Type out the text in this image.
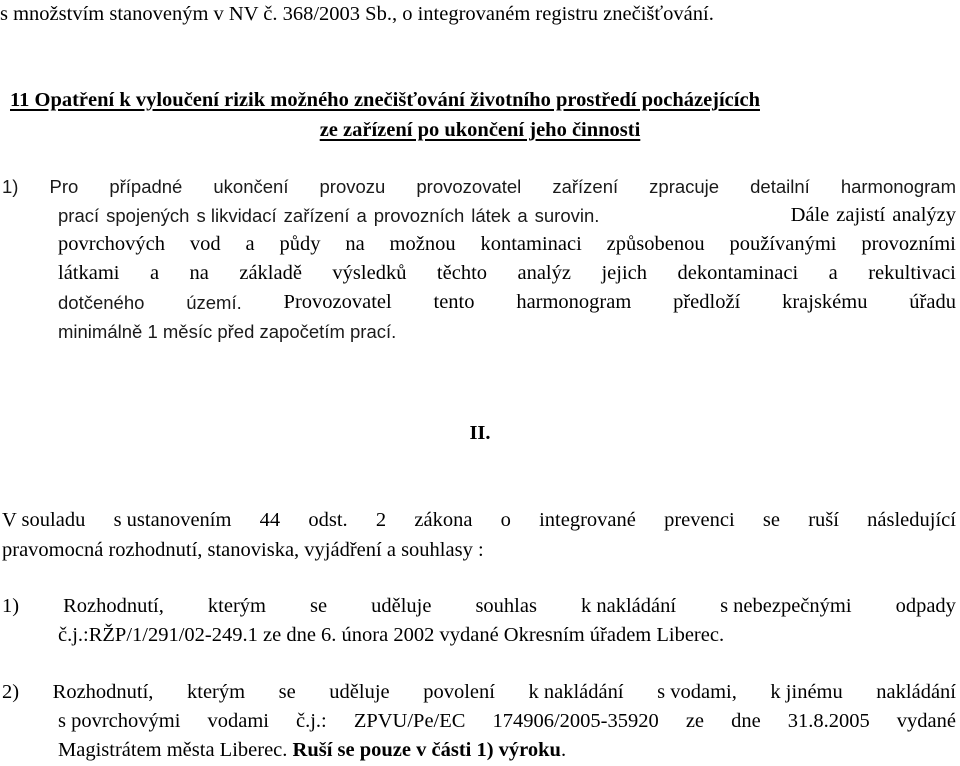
s množstvím stanoveným v NV č. 368/2003 Sb., o integrovaném registru znečišťování.
11 Opatření k vyloučení rizik možného znečišťování životního prostředí pocházejících
ze zařízení po ukončení jeho činnosti
1) Pro případné ukončení provozu provozovatel zařízení zpracuje detailní harmonogram
prací spojených s likvidací zařízení a provozních látek a surovin.	Dále zajistí analýzy
povrchových vod a půdy na možnou kontaminaci způsobenou používanými provozními
látkami a na základě výsledků těchto analýz jejich dekontaminaci a rekultivaci
dotčeného území. Provozovatel tento harmonogram předloží krajskému úřadu
minimálně 1 měsíc před započetím prací.
II.
V souladu s ustanovením 44 odst. 2 zákona o integrované prevenci se ruší následující
pravomocná rozhodnutí, stanoviska, vyjádření a souhlasy :
1) Rozhodnutí, kterým se uděluje souhlas k nakládání s nebezpečnými odpady
č.j.:RŽP/1/291/02-249.1 ze dne 6. února 2002 vydané Okresním úřadem Liberec.
2) Rozhodnutí, kterým se uděluje povolení k nakládání s vodami, k jinému nakládání
s povrchovými vodami č.j.: ZPVU/Pe/EC 174906/2005-35920 ze dne 31.8.2005 vydané
Magistrátem města Liberec. Ruší se pouze v části 1) výroku.
